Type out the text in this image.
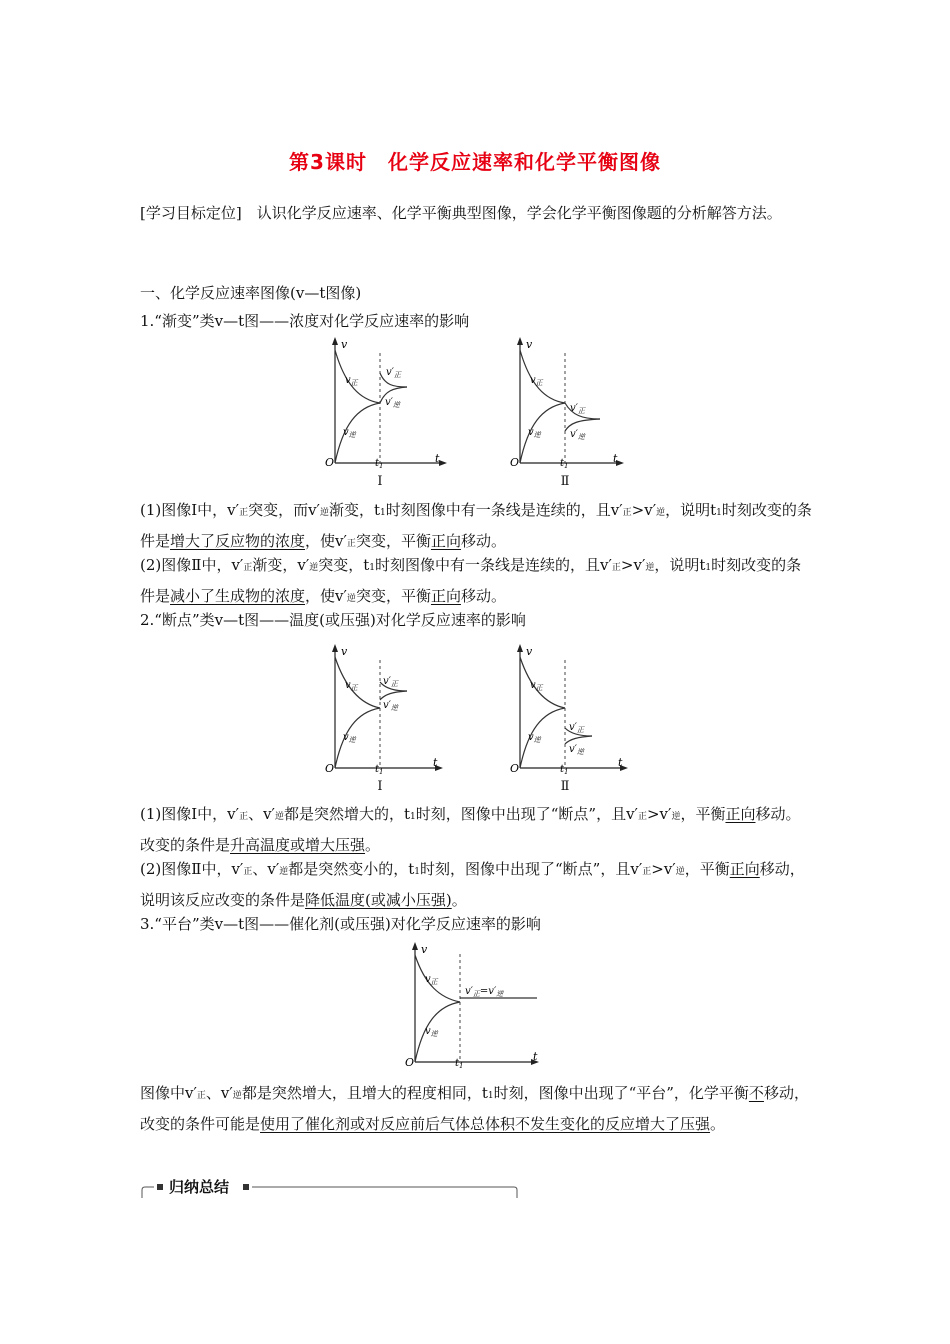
第3课时　化学反应速率和化学平衡图像
[学习目标定位]　 认识化学反应速率、化学平衡典型图像，学会化学平衡图像题的分析解答方法。
一、化学反应速率图像(v—t图像)
1.“渐变”类v—t图——浓度对化学反应速率的影响
v
O	t
$t_1$
$v_正$
$v_逆$
$v'_正$
$v'_逆$
v
O	t
$t_1$
$v_正$
$v_逆$
$v'_正$
$v'_逆$
Ⅰ	Ⅱ
(1)图像Ⅰ中，v′正突变，而v′逆渐变，t1时刻图像中有一条线是连续的，且v′正>v′逆，说明t1时刻改变的条件是增大了反应物的浓度，使v′正突变，平衡正向移动。
(2)图像Ⅱ中，v′正渐变，v′逆突变，t1时刻图像中有一条线是连续的，且v′正>v′逆，说明t1时刻改变的条件是减小了生成物的浓度，使v′逆突变，平衡正向移动。
2.“断点”类v—t图——温度(或压强)对化学反应速率的影响
v
O	t
$t_1$
$v_正$
$v_逆$
$v'_正$
$v'_逆$
v
O	t
$t_1$
$v_正$
$v_逆$
$v'_正$
$v'_逆$
Ⅰ	Ⅱ
(1)图像Ⅰ中，v′正、v′逆都是突然增大的，t1时刻，图像中出现了“断点”，且v′正>v′逆，平衡正向移动。改变的条件是升高温度或增大压强。
(2)图像Ⅱ中，v′正、v′逆都是突然变小的，t1时刻，图像中出现了“断点”，且v′正>v′逆，平衡正向移动，说明该反应改变的条件是降低温度(或减小压强)。
3.“平台”类v—t图——催化剂(或压强)对化学反应速率的影响
v
O	t
$t_1$
$v_正$
$v_逆$
$v'_正=v'_逆$
图像中v′正、v′逆都是突然增大，且增大的程度相同，t1时刻，图像中出现了“平台”，化学平衡不移动，改变的条件可能是使用了催化剂或对反应前后气体总体积不发生变化的反应增大了压强。
归纳总结
